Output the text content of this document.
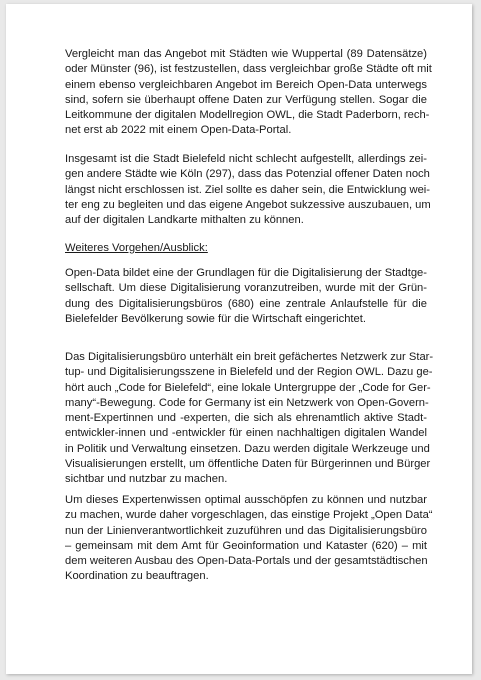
Vergleicht man das Angebot mit Städten wie Wuppertal (89 Datensätze)
oder Münster (96), ist festzustellen, dass vergleichbar große Städte oft mit
einem ebenso vergleichbaren Angebot im Bereich Open-Data unterwegs
sind, sofern sie überhaupt offene Daten zur Verfügung stellen. Sogar die
Leitkommune der digitalen Modellregion OWL, die Stadt Paderborn, rech-
net erst ab 2022 mit einem Open-Data-Portal.
Insgesamt ist die Stadt Bielefeld nicht schlecht aufgestellt, allerdings zei-
gen andere Städte wie Köln (297), dass das Potenzial offener Daten noch
längst nicht erschlossen ist. Ziel sollte es daher sein, die Entwicklung wei-
ter eng zu begleiten und das eigene Angebot sukzessive auszubauen, um
auf der digitalen Landkarte mithalten zu können.
Weiteres Vorgehen/Ausblick:
Open-Data bildet eine der Grundlagen für die Digitalisierung der Stadtge-
sellschaft. Um diese Digitalisierung voranzutreiben, wurde mit der Grün-
dung des Digitalisierungsbüros (680) eine zentrale Anlaufstelle für die
Bielefelder Bevölkerung sowie für die Wirtschaft eingerichtet.
Das Digitalisierungsbüro unterhält ein breit gefächertes Netzwerk zur Star-
tup- und Digitalisierungsszene in Bielefeld und der Region OWL. Dazu ge-
hört auch „Code for Bielefeld“, eine lokale Untergruppe der „Code for Ger-
many“-Bewegung. Code for Germany ist ein Netzwerk von Open-Govern-
ment-Expertinnen und -experten, die sich als ehrenamtlich aktive Stadt-
entwickler-innen und -entwickler für einen nachhaltigen digitalen Wandel
in Politik und Verwaltung einsetzen. Dazu werden digitale Werkzeuge und
Visualisierungen erstellt, um öffentliche Daten für Bürgerinnen und Bürger
sichtbar und nutzbar zu machen.
Um dieses Expertenwissen optimal ausschöpfen zu können und nutzbar
zu machen, wurde daher vorgeschlagen, das einstige Projekt „Open Data“
nun der Linienverantwortlichkeit zuzuführen und das Digitalisierungsbüro
– gemeinsam mit dem Amt für Geoinformation und Kataster (620) – mit
dem weiteren Ausbau des Open-Data-Portals und der gesamtstädtischen
Koordination zu beauftragen.
